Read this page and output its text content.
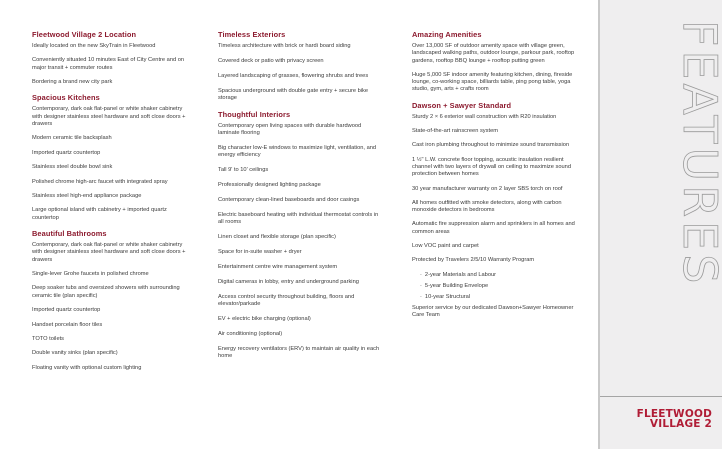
Fleetwood Village 2 Location
Ideally located on the new SkyTrain in Fleetwood
Conveniently situated 10 minutes East of City Centre and on major transit + commuter routes
Bordering a brand new city park
Spacious Kitchens
Contemporary, dark oak flat-panel or white shaker cabinetry with designer stainless steel hardware and soft close doors + drawers
Modern ceramic tile backsplash
Imported quartz countertop
Stainless steel double bowl sink
Polished chrome high-arc faucet with integrated spray
Stainless steel high-end appliance package
Large optional island with cabinetry + imported quartz countertop
Beautiful Bathrooms
Contemporary, dark oak flat-panel or white shaker cabinetry with designer stainless steel hardware and soft close doors + drawers
Single-lever Grohe faucets in polished chrome
Deep soaker tubs and oversized showers with surrounding ceramic tile (plan specific)
Imported quartz countertop
Handset porcelain floor tiles
TOTO toilets
Double vanity sinks (plan specific)
Floating vanity with optional custom lighting
Timeless Exteriors
Timeless architecture with brick or hardi board siding
Covered deck or patio with privacy screen
Layered landscaping of grasses, flowering shrubs and trees
Spacious underground with double gate entry + secure bike storage
Thoughtful Interiors
Contemporary open living spaces with durable hardwood laminate flooring
Big character low-E windows to maximize light, ventilation, and energy efficiency
Tall 9' to 10' ceilings
Professionally designed lighting package
Contemporary clean-lined baseboards and door casings
Electric baseboard heating with individual thermostat controls in all rooms
Linen closet and flexible storage (plan specific)
Space for in-suite washer + dryer
Entertainment centre wire management system
Digital cameras in lobby, entry and underground parking
Access control security throughout building, floors and elevator/parkade
EV + electric bike charging (optional)
Air conditioning (optional)
Energy recovery ventilators (ERV) to maintain air quality in each home
Amazing Amenities
Over 13,000 SF of outdoor amenity space with village green, landscaped walking paths, outdoor lounge, parkour park, rooftop gardens, rooftop BBQ lounge + rooftop putting green
Huge 5,000 SF indoor amenity featuring kitchen, dining, fireside lounge, co-working space, billiards table, ping pong table, yoga studio, gym, arts + crafts room
Dawson + Sawyer Standard
Sturdy 2 × 6 exterior wall construction with R20 insulation
State-of-the-art rainscreen system
Cast iron plumbing throughout to minimize sound transmission
1 ½" L.W. concrete floor topping, acoustic insulation resilient channel with two layers of drywall on ceiling to maximize sound protection between homes
30 year manufacturer warranty on 2 layer SBS torch on roof
All homes outfitted with smoke detectors, along with carbon monoxide detectors in bedrooms
Automatic fire suppression alarm and sprinklers in all homes and common areas
Low VOC paint and carpet
Protected by Travelers 2/5/10 Warranty Program
· 2-year Materials and Labour
· 5-year Building Envelope
· 10-year Structural
Superior service by our dedicated Dawson+Sawyer Homeowner Care Team
FEATURES
FLEETWOOD
VILLAGE 2
